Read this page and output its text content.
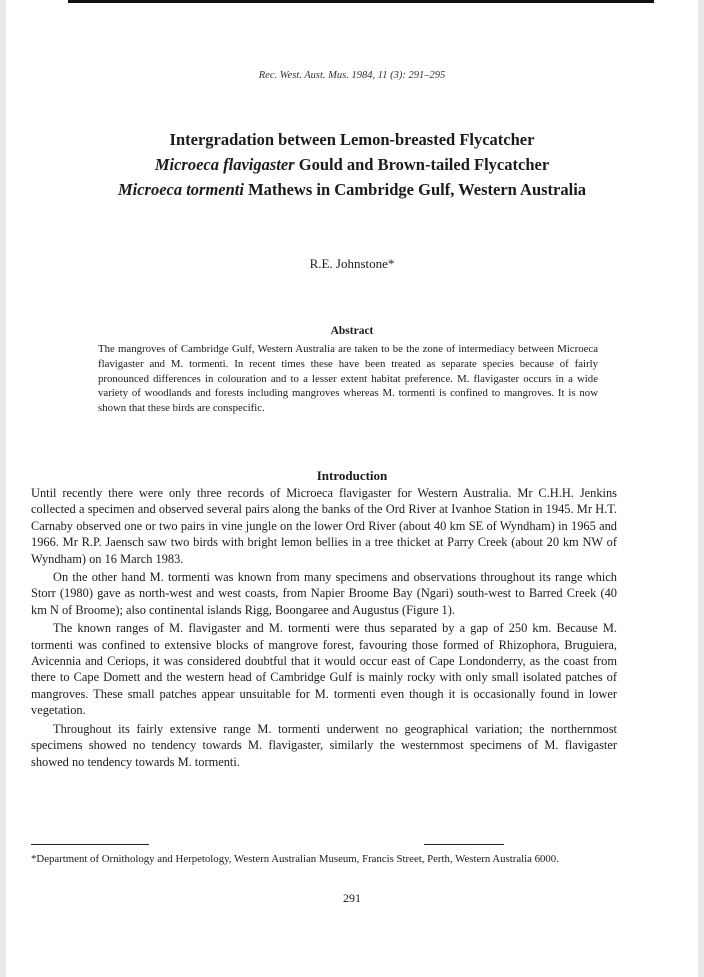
Rec. West. Aust. Mus. 1984, 11 (3): 291–295
Intergradation between Lemon-breasted Flycatcher
Microeca flavigaster Gould and Brown-tailed Flycatcher
Microeca tormenti Mathews in Cambridge Gulf, Western Australia
R.E. Johnstone*
Abstract

The mangroves of Cambridge Gulf, Western Australia are taken to be the zone of intermediacy between Microeca flavigaster and M. tormenti. In recent times these have been treated as separate species because of fairly pronounced differences in colouration and to a lesser extent habitat preference. M. flavigaster occurs in a wide variety of woodlands and forests including mangroves whereas M. tormenti is confined to mangroves. It is now shown that these birds are conspecific.

Introduction

Until recently there were only three records of Microeca flavigaster for Western Australia. Mr C.H.H. Jenkins collected a specimen and observed several pairs along the banks of the Ord River at Ivanhoe Station in 1945. Mr H.T. Carnaby observed one or two pairs in vine jungle on the lower Ord River (about 40 km SE of Wyndham) in 1965 and 1966. Mr R.P. Jaensch saw two birds with bright lemon bellies in a tree thicket at Parry Creek (about 20 km NW of Wyndham) on 16 March 1983.

On the other hand M. tormenti was known from many specimens and observations throughout its range which Storr (1980) gave as north-west and west coasts, from Napier Broome Bay (Ngari) south-west to Barred Creek (40 km N of Broome); also continental islands Rigg, Boongaree and Augustus (Figure 1).

The known ranges of M. flavigaster and M. tormenti were thus separated by a gap of 250 km. Because M. tormenti was confined to extensive blocks of mangrove forest, favouring those formed of Rhizophora, Bruguiera, Avicennia and Ceriops, it was considered doubtful that it would occur east of Cape Londonderry, as the coast from there to Cape Domett and the western head of Cambridge Gulf is mainly rocky with only small isolated patches of mangroves. These small patches appear unsuitable for M. tormenti even though it is occasionally found in lower vegetation.

Throughout its fairly extensive range M. tormenti underwent no geographical variation; the northernmost specimens showed no tendency towards M. flavigaster, similarly the westernmost specimens of M. flavigaster showed no tendency towards M. tormenti.

*Department of Ornithology and Herpetology, Western Australian Museum, Francis Street, Perth, Western Australia 6000.

291
